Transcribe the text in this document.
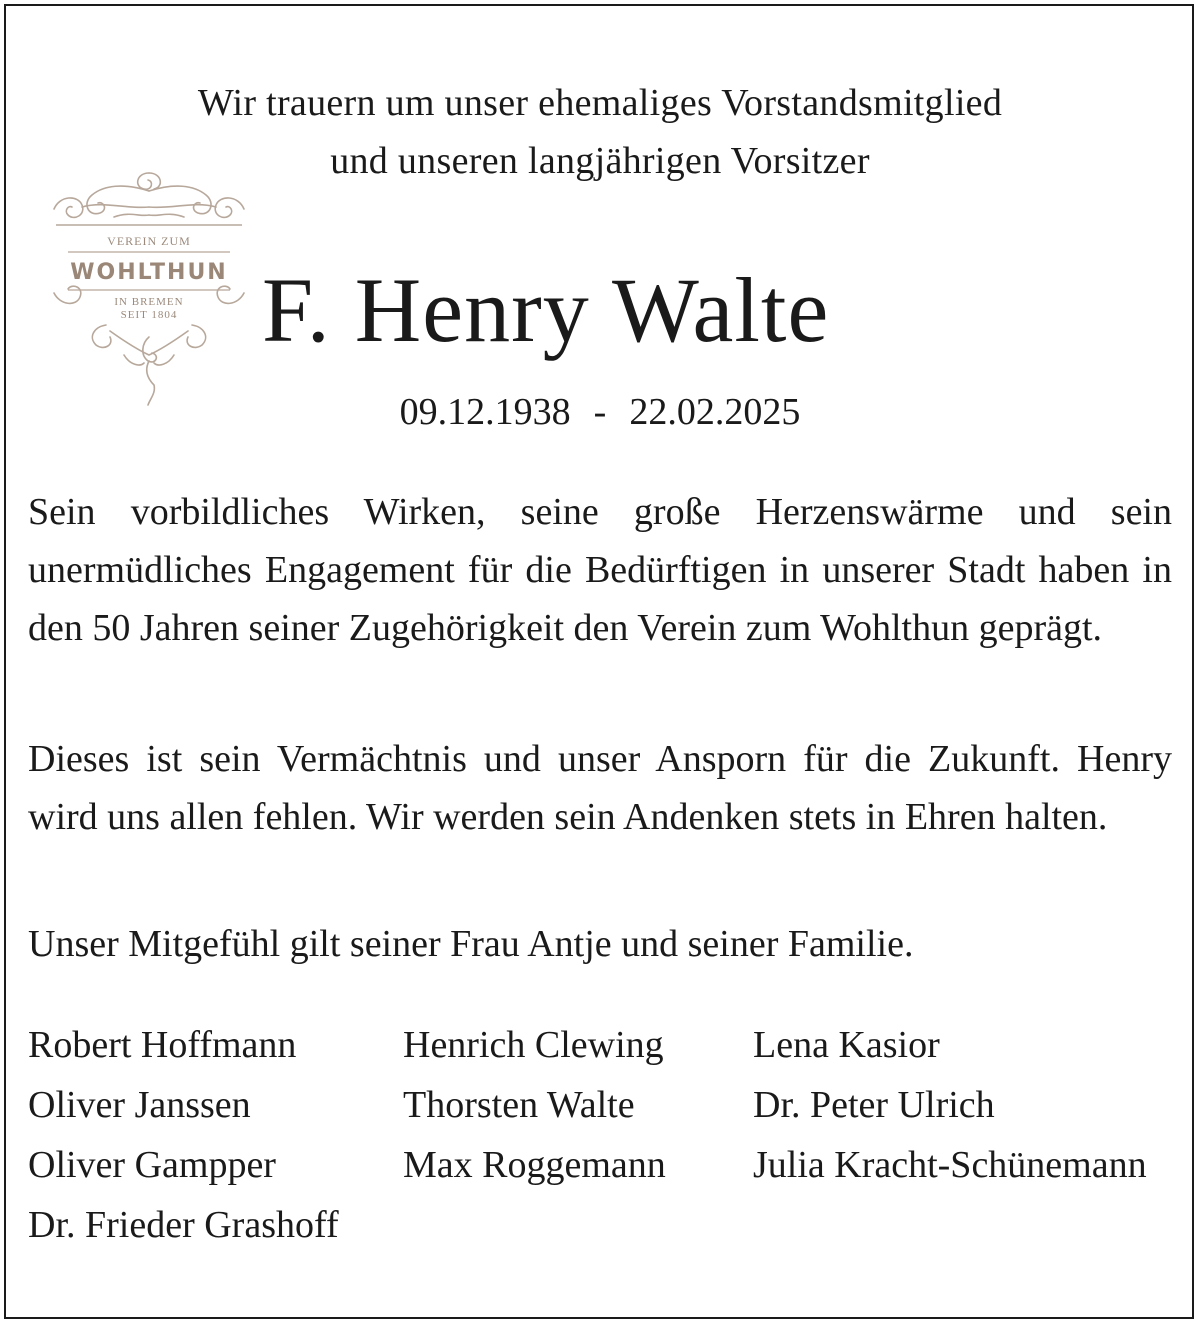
Wir trauern um unser ehemaliges Vorstandsmitglied
und unseren langjährigen Vorsitzer
VEREIN ZUM
WOHLTHUN
IN BREMEN
SEIT 1804 F. Henry Walte
09.12.1938  -  22.02.2025

Sein vorbildliches Wirken, seine große Herzenswärme und sein unermüdliches Engagement für die Bedürftigen in unserer Stadt haben in den 50 Jahren seiner Zugehörigkeit den Verein zum Wohlthun geprägt.

Dieses ist sein Vermächtnis und unser Ansporn für die Zukunft. Henry wird uns allen fehlen. Wir werden sein Andenken stets in Ehren halten.

Unser Mitgefühl gilt seiner Frau Antje und seiner Familie.

Robert Hoffmann
Oliver Janssen
Oliver Gampper
Dr. Frieder Grashoff
Henrich Clewing
Thorsten Walte
Max Roggemann
Lena Kasior
Dr. Peter Ulrich
Julia Kracht-Schünemann
